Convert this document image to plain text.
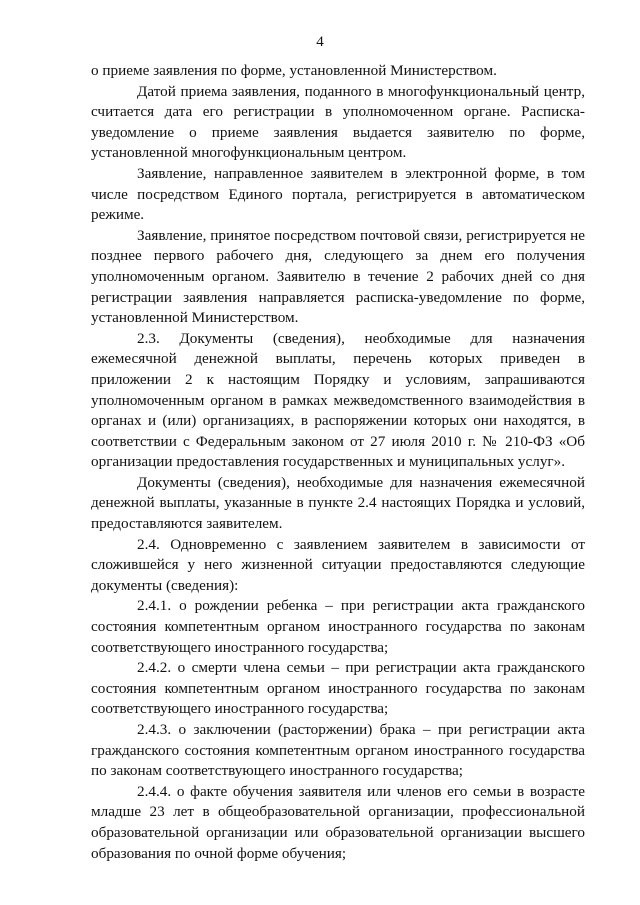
4

о приеме заявления по форме, установленной Министерством.

Датой приема заявления, поданного в многофункциональный центр, считается дата его регистрации в уполномоченном органе. Расписка-уведомление о приеме заявления выдается заявителю по форме, установленной многофункциональным центром.

Заявление, направленное заявителем в электронной форме, в том числе посредством Единого портала, регистрируется в автоматическом режиме.

Заявление, принятое посредством почтовой связи, регистрируется не позднее первого рабочего дня, следующего за днем его получения уполномоченным органом. Заявителю в течение 2 рабочих дней со дня регистрации заявления направляется расписка-уведомление по форме, установленной Министерством.

2.3. Документы (сведения), необходимые для назначения ежемесячной денежной выплаты, перечень которых приведен в приложении 2 к настоящим Порядку и условиям, запрашиваются уполномоченным органом в рамках межведомственного взаимодействия в органах и (или) организациях, в распоряжении которых они находятся, в соответствии с Федеральным законом от 27 июля 2010 г. № 210-ФЗ «Об организации предоставления государственных и муниципальных услуг».

Документы (сведения), необходимые для назначения ежемесячной денежной выплаты, указанные в пункте 2.4 настоящих Порядка и условий, предоставляются заявителем.

2.4. Одновременно с заявлением заявителем в зависимости от сложившейся у него жизненной ситуации предоставляются следующие документы (сведения):

2.4.1. о рождении ребенка – при регистрации акта гражданского состояния компетентным органом иностранного государства по законам соответствующего иностранного государства;

2.4.2. о смерти члена семьи – при регистрации акта гражданского состояния компетентным органом иностранного государства по законам соответствующего иностранного государства;

2.4.3. о заключении (расторжении) брака – при регистрации акта гражданского состояния компетентным органом иностранного государства по законам соответствующего иностранного государства;

2.4.4. о факте обучения заявителя или членов его семьи в возрасте младше 23 лет в общеобразовательной организации, профессиональной образовательной организации или образовательной организации высшего образования по очной форме обучения;
